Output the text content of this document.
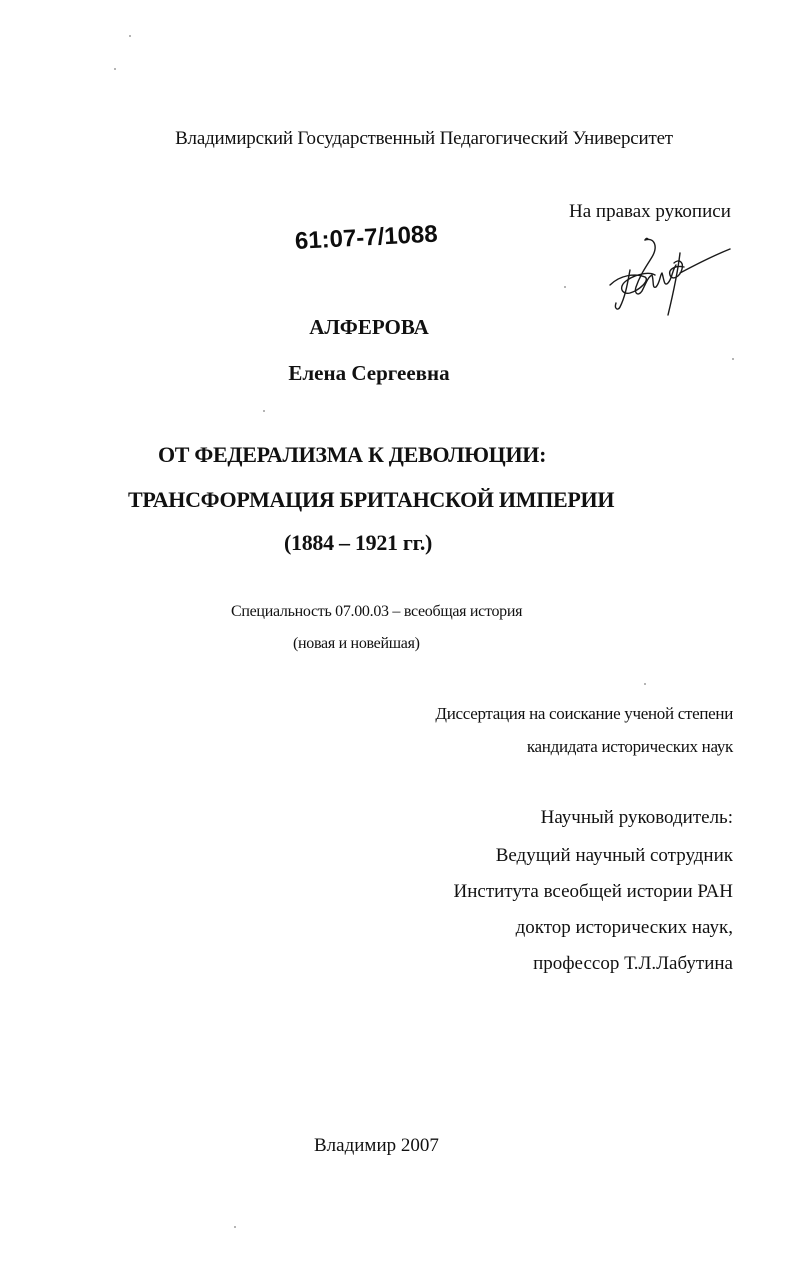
Владимирский Государственный Педагогический Университет
На правах рукописи
61:07-7/1088
АЛФЕРОВА
Елена Сергеевна
ОТ ФЕДЕРАЛИЗМА К ДЕВОЛЮЦИИ:
ТРАНСФОРМАЦИЯ БРИТАНСКОЙ ИМПЕРИИ
(1884 – 1921 гг.)
Специальность 07.00.03 – всеобщая история
(новая и новейшая)
Диссертация на соискание ученой степени
кандидата исторических наук
Научный руководитель:
Ведущий научный сотрудник
Института всеобщей истории РАН
доктор исторических наук,
профессор Т.Л.Лабутина
Владимир 2007
